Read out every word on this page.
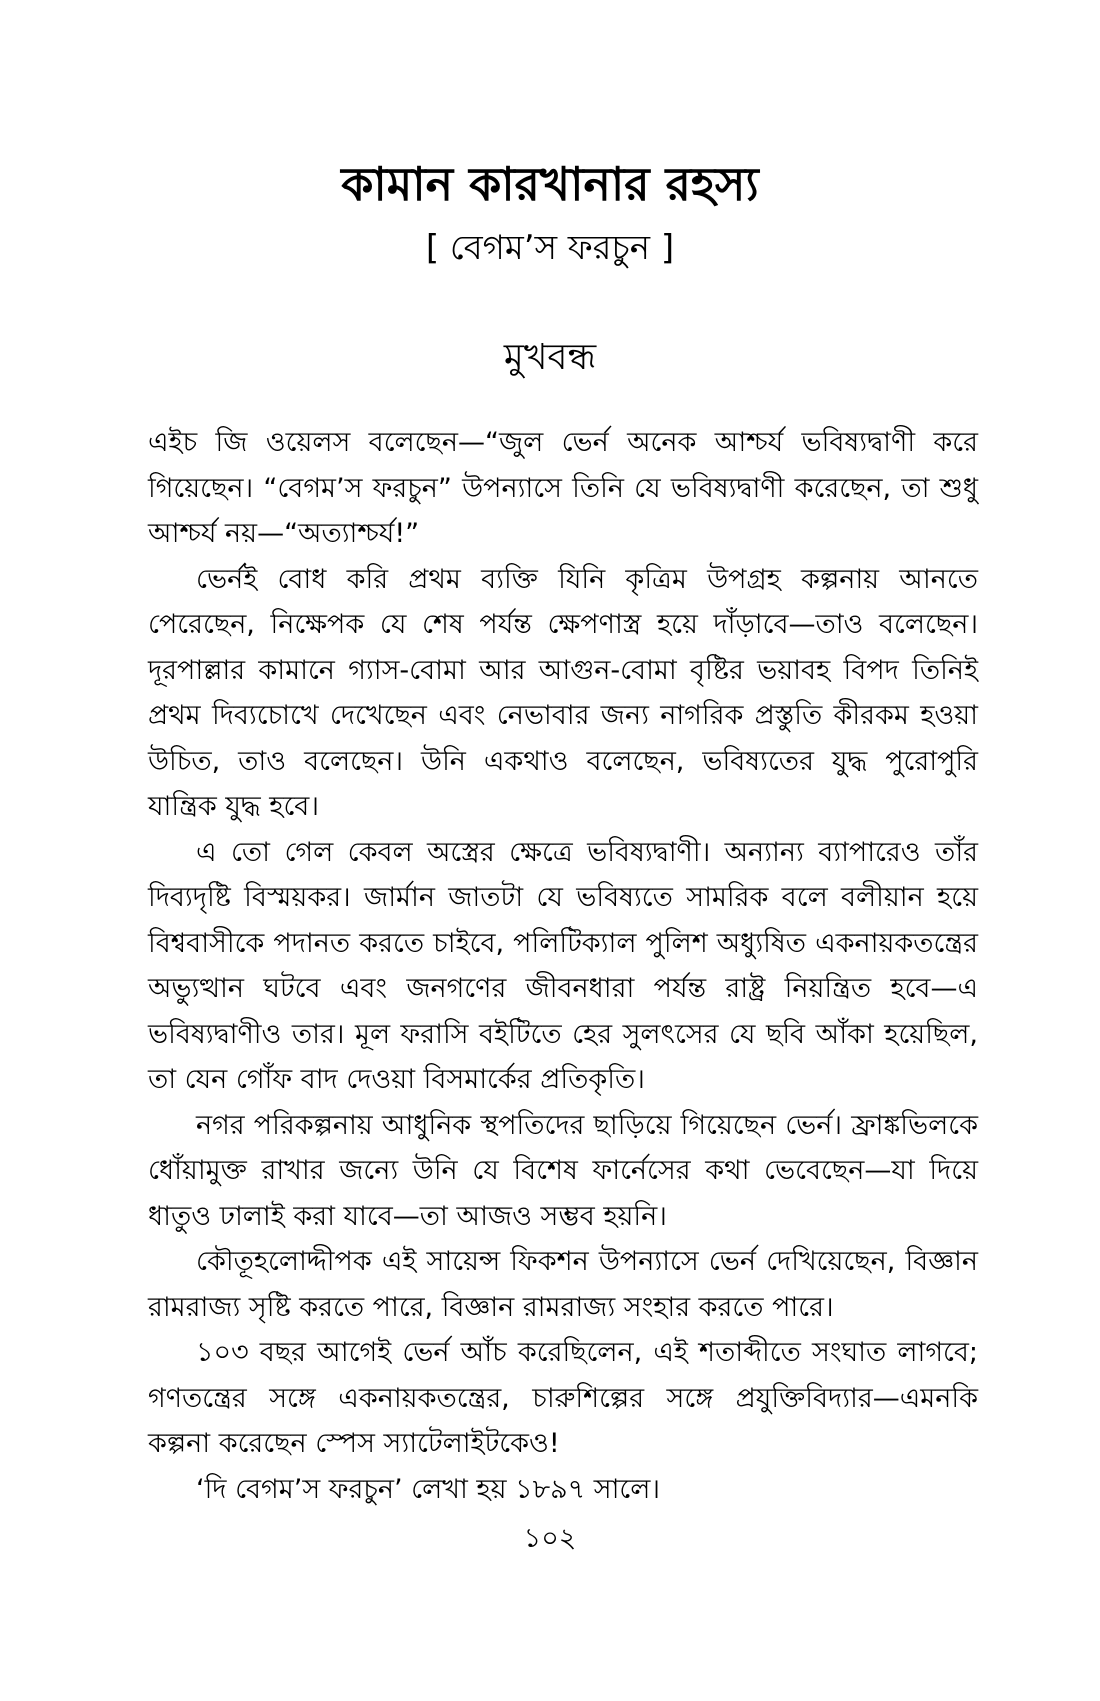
কামান কারখানার রহস্য
[ বেগম’স ফরচুন ]
মুখবন্ধ

এইচ জি ওয়েলস বলেছেন—“জুল ভের্ন অনেক আশ্চর্য ভবিষ্যদ্বাণী করে গিয়েছেন। “বেগম’স ফরচুন” উপন্যাসে তিনি যে ভবিষ্যদ্বাণী করেছেন, তা শুধু আশ্চর্য নয়—“অত্যাশ্চর্য!”

ভের্নই বোধ করি প্রথম ব্যক্তি যিনি কৃত্রিম উপগ্রহ কল্পনায় আনতে পেরেছেন, নিক্ষেপক যে শেষ পর্যন্ত ক্ষেপণাস্ত্র হয়ে দাঁড়াবে—তাও বলেছেন। দূরপাল্লার কামানে গ্যাস-বোমা আর আগুন-বোমা বৃষ্টির ভয়াবহ বিপদ তিনিই প্রথম দিব্যচোখে দেখেছেন এবং নেভাবার জন্য নাগরিক প্রস্তুতি কীরকম হওয়া উচিত, তাও বলেছেন। উনি একথাও বলেছেন, ভবিষ্যতের যুদ্ধ পুরোপুরি যান্ত্রিক যুদ্ধ হবে।

এ তো গেল কেবল অস্ত্রের ক্ষেত্রে ভবিষ্যদ্বাণী। অন্যান্য ব্যাপারেও তাঁর দিব্যদৃষ্টি বিস্ময়কর। জার্মান জাতটা যে ভবিষ্যতে সামরিক বলে বলীয়ান হয়ে বিশ্ববাসীকে পদানত করতে চাইবে, পলিটিক্যাল পুলিশ অধ্যুষিত একনায়কতন্ত্রের অভ্যুত্থান ঘটবে এবং জনগণের জীবনধারা পর্যন্ত রাষ্ট্র নিয়ন্ত্রিত হবে—এ ভবিষ্যদ্বাণীও তার। মূল ফরাসি বইটিতে হের সুলৎসের যে ছবি আঁকা হয়েছিল, তা যেন গোঁফ বাদ দেওয়া বিসমার্কের প্রতিকৃতি।

নগর পরিকল্পনায় আধুনিক স্থপতিদের ছাড়িয়ে গিয়েছেন ভের্ন। ফ্রাঙ্কভিলকে ধোঁয়ামুক্ত রাখার জন্যে উনি যে বিশেষ ফার্নেসের কথা ভেবেছেন—যা দিয়ে ধাতুও ঢালাই করা যাবে—তা আজও সম্ভব হয়নি।

কৌতূহলোদ্দীপক এই সায়েন্স ফিকশন উপন্যাসে ভের্ন দেখিয়েছেন, বিজ্ঞান রামরাজ্য সৃষ্টি করতে পারে, বিজ্ঞান রামরাজ্য সংহার করতে পারে।

১০৩ বছর আগেই ভের্ন আঁচ করেছিলেন, এই শতাব্দীতে সংঘাত লাগবে; গণতন্ত্রের সঙ্গে একনায়কতন্ত্রের, চারুশিল্পের সঙ্গে প্রযুক্তিবিদ্যার—এমনকি কল্পনা করেছেন স্পেস স্যাটেলাইটকেও!

‘দি বেগম’স ফরচুন’ লেখা হয় ১৮৯৭ সালে।

১০২
